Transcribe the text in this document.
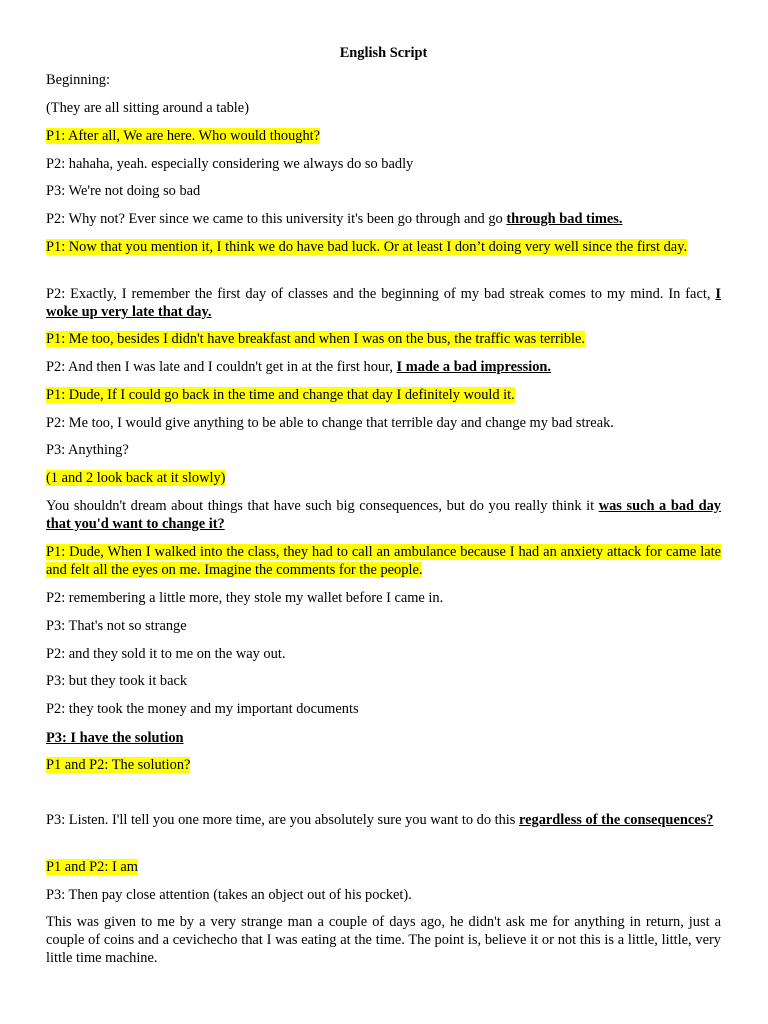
English Script

Beginning:

(They are all sitting around a table)

P1: After all, We are here. Who would thought?

P2: hahaha, yeah. especially considering we always do so badly

P3: We're not doing so bad

P2: Why not? Ever since we came to this university it's been go through and go through bad times.

P1: Now that you mention it, I think we do have bad luck. Or at least I don’t doing very well since the first day.

P2: Exactly, I remember the first day of classes and the beginning of my bad streak comes to my mind. In fact, I woke up very late that day.

P1: Me too, besides I didn't have breakfast and when I was on the bus, the traffic was terrible.

P2: And then I was late and I couldn't get in at the first hour, I made a bad impression.

P1: Dude, If I could go back in the time and change that day I definitely would it.

P2: Me too, I would give anything to be able to change that terrible day and change my bad streak.

P3: Anything?

(1 and 2 look back at it slowly)

You shouldn't dream about things that have such big consequences, but do you really think it was such a bad day that you'd want to change it?

P1: Dude, When I walked into the class, they had to call an ambulance because I had an anxiety attack for came late and felt all the eyes on me. Imagine the comments for the people.

P2: remembering a little more, they stole my wallet before I came in.

P3: That's not so strange

P2: and they sold it to me on the way out.

P3: but they took it back

P2: they took the money and my important documents

P3: I have the solution

P1 and P2: The solution?

P3: Listen. I'll tell you one more time, are you absolutely sure you want to do this regardless of the consequences?

P1 and P2: I am

P3: Then pay close attention (takes an object out of his pocket).

This was given to me by a very strange man a couple of days ago, he didn't ask me for anything in return, just a couple of coins and a cevichecho that I was eating at the time. The point is, believe it or not this is a little, little, very little time machine.
